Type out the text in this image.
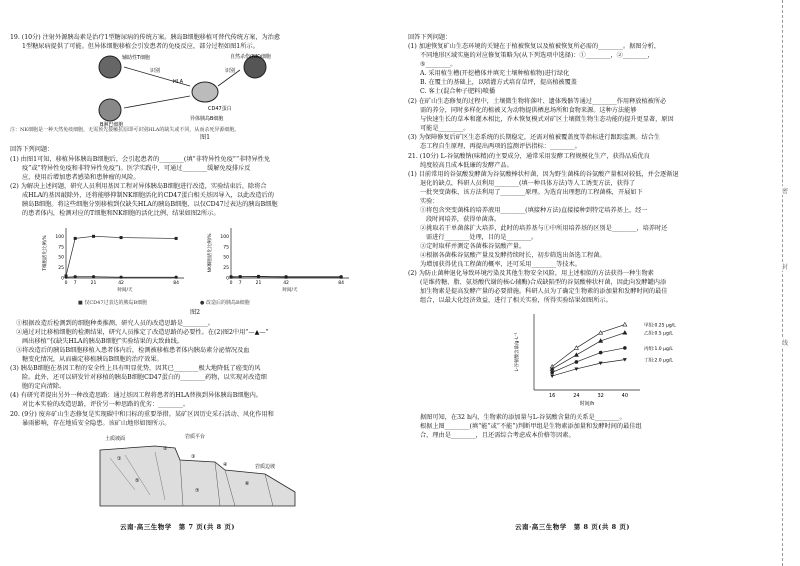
19. (10分) 注射外源胰岛素是治疗1型糖尿病的传统方案。胰岛B细胞移植可替代传统方案，为治愈
1型糖尿病提供了可能。但异体细胞移植会引发患者的免疫反应，部分过程如图1所示。
辅助性T细胞
识别	识别
HLA
自然杀伤(NK)细胞
CD47蛋白
异体胰岛B细胞
B淋巴细胞
图1
注：NK细胞是一种天然免疫细胞，无需预先接触抗原即可识别HLA的缺失或不同，从而杀死异源细胞。
回答下列问题：
(1) 由图1可知，移植异体胰岛B细胞后，会引起患者的________(填“非特异性免疫”“非特异性免
疫”或“特异性免疫和非特异性免疫”)。医学实践中，可通过________缓解免疫排斥反
应，使用后增加患者感染和患肿瘤的风险。
(2) 为解决上述问题，研究人员利用基因工程对异体胰岛B细胞进行改造，实验结束后，除将合
成HLA的基因敲除外，还将能够抑制NK细胞活化的CD47蛋白相关基因导入，以此改造后的
胰岛B细胞。将这些细胞分别移植到仅缺失HLA的胰岛B细胞、以仅CD47过表达的胰岛B细胞
的患者体内，检测对应的T细胞和NK细胞的活化比例，结果如图2所示。
0
25
50
75
100
0 7	21	42	84
时间/天
T细胞活化比例/%
0
25
50
75
100
0 7	21	42	84
时间/天
NK细胞活化比例/%
■ 仅CD47过表达的胰岛B细胞	● 改造后的胰岛B细胞
图2
①根据改造后检测到的细胞种类推测，研究人员的改造思路是________。
②通过对比移植细胞的检测结果，研究人员推定了改造思路的必要性。在(2)图2中用“—▲—”
画出移植“仅缺失HLA的胰岛B细胞”实验结果的大致曲线。
③将改造后的胰岛B细胞移植入患者体内后，检测被移植患者体内胰岛素分泌情况及血
糖变化情况，从而确定移植胰岛B细胞的治疗效果。
(3) 胰岛B细胞在基因工程的安全性上具有明显优势，因其已________极大地降低了癌变的风
险。此外，还可以研发针对移植的胰岛B细胞CD47蛋白的________药物，以实现对改造细
胞的定向清除。
(4) 有研究者提出另外一种改造思路：通过基因工程将患者的HLA替换到异体胰岛B细胞内。
对比本实验的改造思路，评价另一种思路的优劣：________。
20. (9分) 废弃矿山生态修复是实现碳中和目标的重要举措。某矿区因历史采石活动、风化作用和
暴雨影响，存在地质安全隐患。该矿山地形如图所示。
土质坡面	岩质平台
岩质边坡
①
②
③
④
⑤	⑥
⑦
云南·高三生物学　第 7 页(共 8 页)
回答下列问题：
(1) 加速恢复矿山生态环境的关键在于植被恢复以及植被恢复所必需的________。据图分析，
不同地形区域实施的对应修复策略为(从下列选项中选择)：①________，②________，
⑤________。
A. 采用植生槽(开挖槽体并填充土壤种植植物)进行绿化
B. 在覆土的基础上，以喷灌方式培育草坪，提高植被覆盖
C. 客土(混合种子肥料)喷播
(2) 在矿山生态修复的过程中，土壤微生物将落叶、遗体残骸等通过________作用释放植被所必
需的养分，同时多样化的植被又为动物提供栖息场所和食物来源。这种方法能够
与快速生长的草本和灌木相比，乔木恢复模式对矿区土壤微生物生态功能的提升更显著，原因
可能是________。
(3) 为保障修复后矿区生态系统的长期稳定，还需对植被覆盖度等指标进行跟踪监测。结合生
态工程自生原理，再提出两项的监测评估指标：________。
21. (10分) L-谷氨酸钠(味精)的主要成分，通常采用发酵工程规模化生产，获得品质优良
纯度较高且成本低廉的发酵产品。
(1) 目前常用的谷氨酸发酵菌为谷氨酸棒状杆菌，因为野生菌株的谷氨酸产量相对较低，并会逐渐退
退化的缺点，科研人员利用________(填一种具体方法)等人工诱变方法，获得了
一批突变菌株，该方法利用了________原理。为选育出理想的工程菌株，开展如下
实验：
①将包含突变菌株的培养液用________(填接种方法)直接接种到特定培养基上，经一
段时间培养，获得单菌落。
②挑取若干单菌落扩大培养，此时的培养基与①中所用培养基的区别是________，培养时还
需进行________处理，目的是________。
③定时取样并测定各菌株谷氨酸产量。
④根据各菌株谷氨酸产量及发酵持续时长，初步筛选出备选工程菌。
为增加获得优良工程菌的概率，还可采用________等技术。
(2) 为防止菌种退化导致环境污染及其他生物安全风险，用上述相似的方法获得一种生物素
(是维持糖、脂、氨基酸代谢的核心辅酶)合成缺陷型的谷氨酸棒状杆菌，因此向发酵罐内添
加生物素是提高发酵产量的必要措施。科研人员为了确定生物素的添加量和发酵时间的最佳
组合，以最大化经济效益，进行了相关实验，所得实验结果如图所示。
16	24	32	40
时间/h
L-谷氨酸含量/g·L⁻¹
甲组:0.25 μg/L
乙组:0.5 μg/L
丙组:1.0 μg/L
丁组:2.0 μg/L
据图可知，在32 h内，生物素的添加量与L-谷氨酸含量的关系是________。
根据上图________(填“能”或“不能”)判断甲组是生物素添加量和发酵时间的最佳组
合，理由是________，且还需综合考虑成本价格等因素。
云南·高三生物学　第 8 页(共 8 页)
密
封
线
